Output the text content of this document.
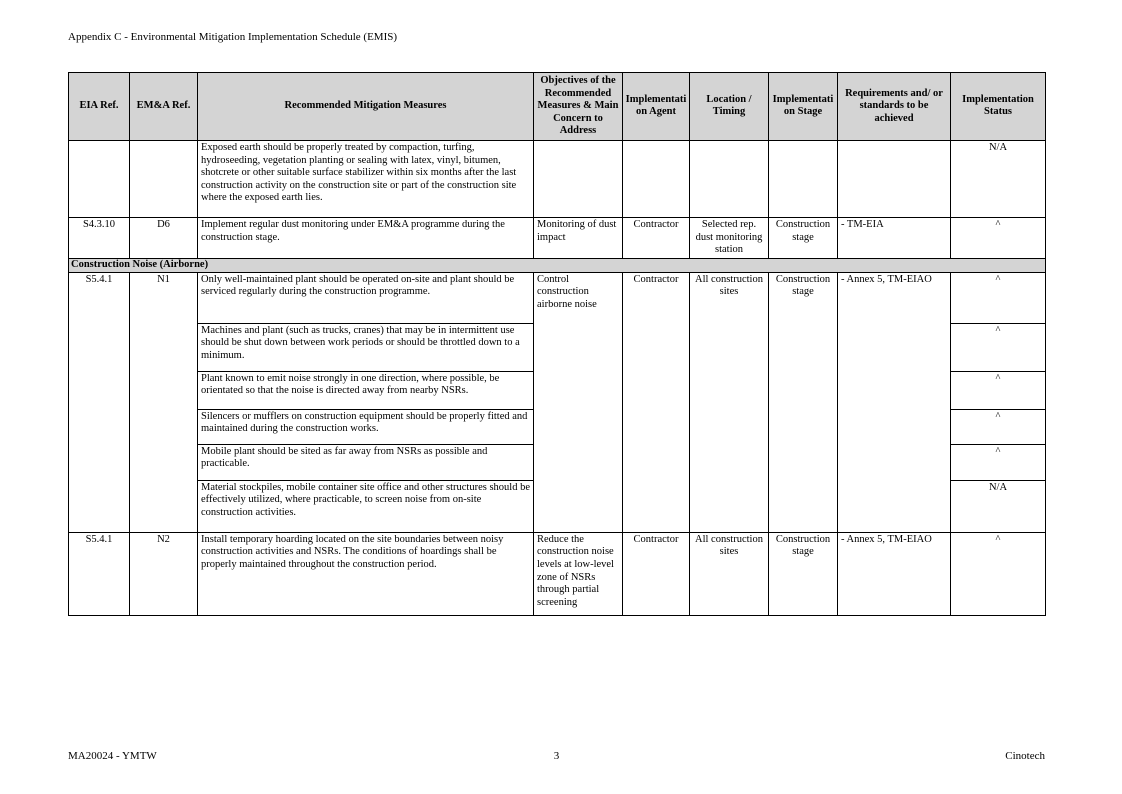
Appendix C - Environmental Mitigation Implementation Schedule (EMIS)
EIA Ref.	EM&A Ref.	Recommended Mitigation Measures	Objectives of the Recommended Measures & Main Concern to Address	Implementation Agent	Location / Timing	Implementation Stage	Requirements and/ or standards to be achieved	Implementation Status
		Exposed earth should be properly treated by compaction, turfing, hydroseeding, vegetation planting or sealing with latex, vinyl, bitumen, shotcrete or other suitable surface stabilizer within six months after the last construction activity on the construction site or part of the construction site where the exposed earth lies.						N/A
S4.3.10	D6	Implement regular dust monitoring under EM&A programme during the construction stage.	Monitoring of dust impact	Contractor	Selected rep. dust monitoring station	Construction stage	- TM-EIA	^
Construction Noise (Airborne)								
S5.4.1	N1	Only well-maintained plant should be operated on-site and plant should be serviced regularly during the construction programme.	Control construction airborne noise	Contractor	All construction sites	Construction stage	- Annex 5, TM-EIAO	^
		Machines and plant (such as trucks, cranes) that may be in intermittent use should be shut down between work periods or should be throttled down to a minimum.						^
		Plant known to emit noise strongly in one direction, where possible, be orientated so that the noise is directed away from nearby NSRs.						^
		Silencers or mufflers on construction equipment should be properly fitted and maintained during the construction works.						^
		Mobile plant should be sited as far away from NSRs as possible and practicable.						^
		Material stockpiles, mobile container site office and other structures should be effectively utilized, where practicable, to screen noise from on-site construction activities.						N/A
S5.4.1	N2	Install temporary hoarding located on the site boundaries between noisy construction activities and NSRs. The conditions of hoardings shall be properly maintained throughout the construction period.	Reduce the construction noise levels at low-level zone of NSRs through partial screening	Contractor	All construction sites	Construction stage	- Annex 5, TM-EIAO	^
MA20024 - YMTW	3	Cinotech
